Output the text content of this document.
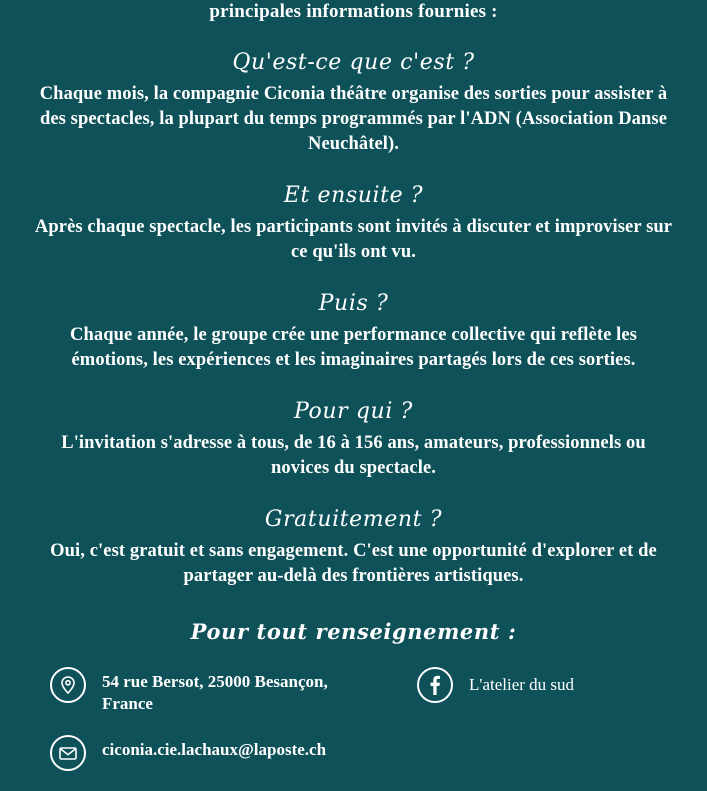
principales informations fournies :

Qu'est-ce que c'est ?

Chaque mois, la compagnie Ciconia théâtre organise des sorties pour assister à des spectacles, la plupart du temps programmés par l'ADN (Association Danse Neuchâtel).

Et ensuite ?

Après chaque spectacle, les participants sont invités à discuter et improviser sur ce qu'ils ont vu.

Puis ?

Chaque année, le groupe crée une performance collective qui reflète les émotions, les expériences et les imaginaires partagés lors de ces sorties.

Pour qui ?

L'invitation s'adresse à tous, de 16 à 156 ans, amateurs, professionnels ou novices du spectacle.

Gratuitement ?

Oui, c'est gratuit et sans engagement. C'est une opportunité d'explorer et de partager au-delà des frontières artistiques.

Pour tout renseignement :
54 rue Bersot, 25000 Besançon,
France
ciconia.cie.lachaux@laposte.ch
L'atelier du sud
